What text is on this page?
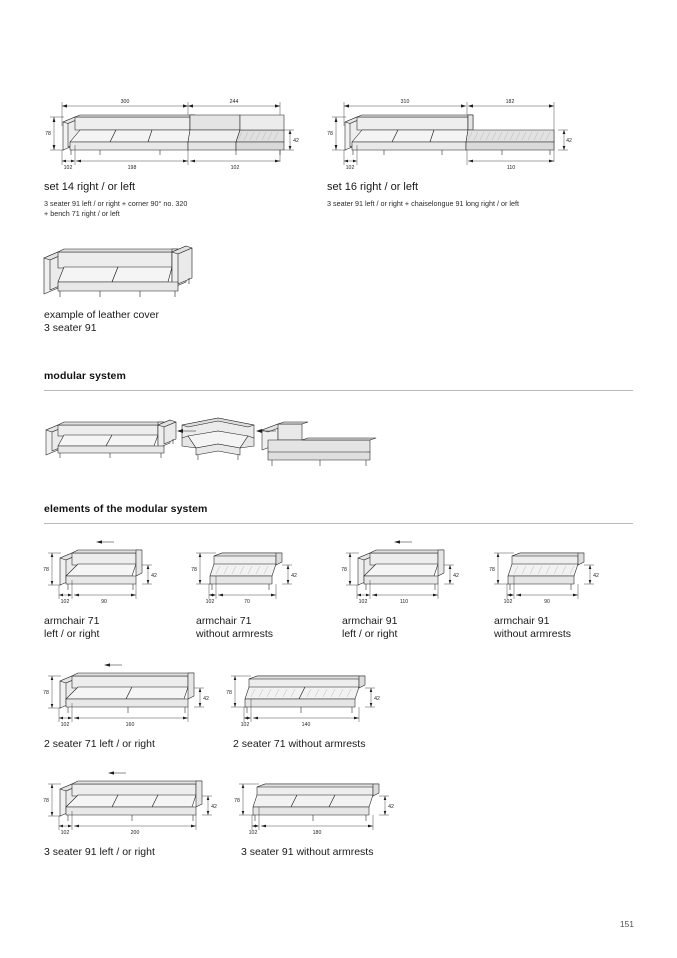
300	244
78
42
102	198	102
set 14 right / or left
3 seater 91 left / or right + corner 90° no. 320
+ bench 71 right / or left
310	182
78
42
102	110
set 16 right / or left
3 seater 91 left / or right + chaiselongue 91 long right / or left
example of leather cover
3 seater 91
modular system
elements of the modular system
78
42
102	90
armchair 71
left / or right
78
42
102	70
armchair 71
without armrests
78
42
102	110
armchair 91
left / or right
78
42
102	90
armchair 91
without armrests
78
42
102	160
2 seater 71 left / or right
78
42
102	140
2 seater 71 without armrests
78
42
102	200
3 seater 91 left / or right
78
42
102	180
3 seater 91 without armrests
151
